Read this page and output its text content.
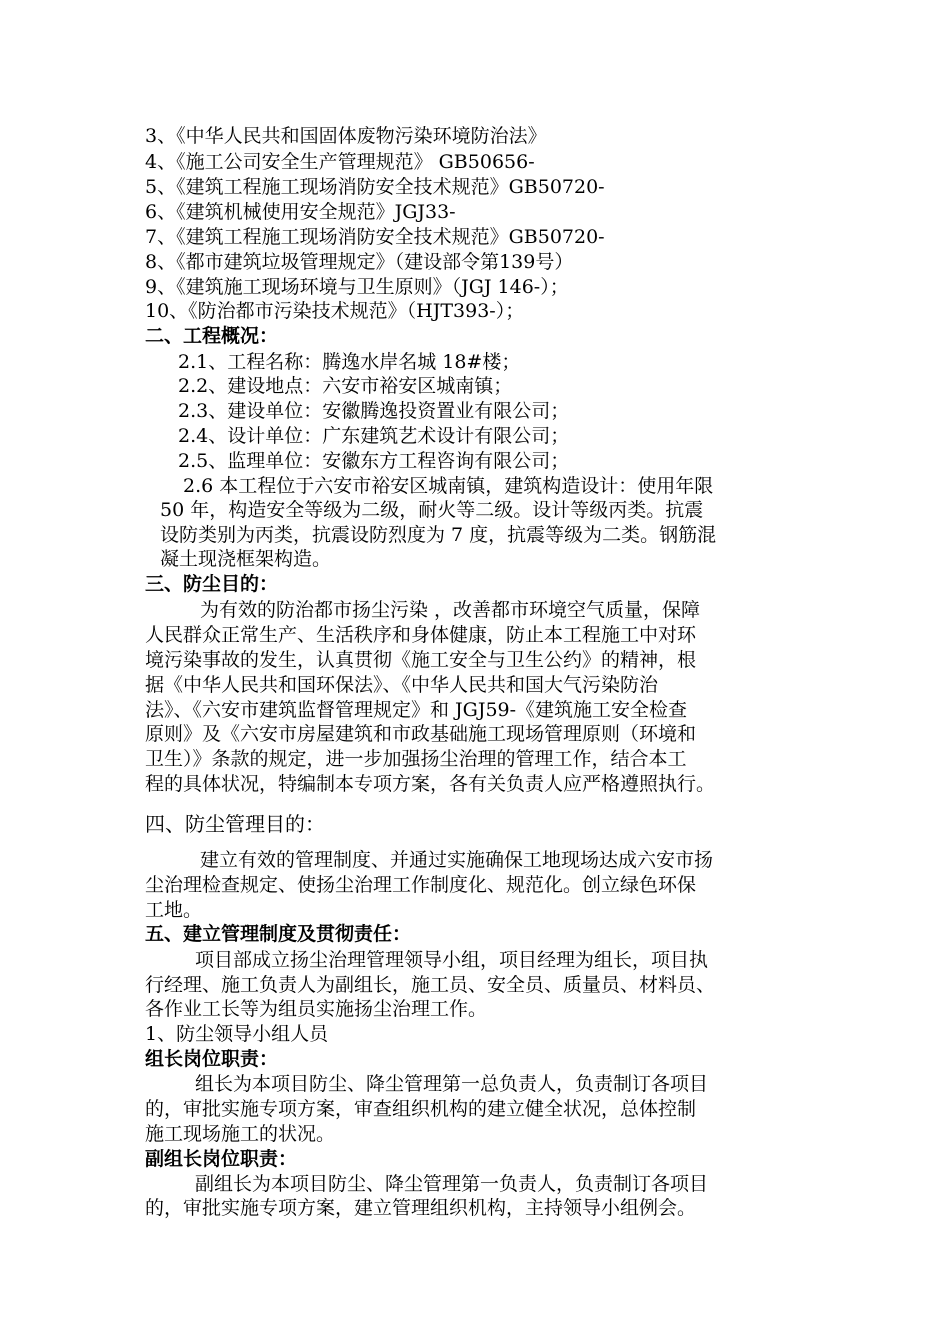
3、《中华人民共和国固体废物污染环境防治法》
4、《施工公司安全生产管理规范》 GB50656-
5、《建筑工程施工现场消防安全技术规范》GB50720-
6、《建筑机械使用安全规范》JGJ33-
7、《建筑工程施工现场消防安全技术规范》GB50720-
8、《都市建筑垃圾管理规定》（建设部令第139号）
9、《建筑施工现场环境与卫生原则》（JGJ 146-）；
10、《防治都市污染技术规范》（HJT393-）；
二、工程概况：
2.1、工程名称：腾逸水岸名城 18#楼；
2.2、建设地点：六安市裕安区城南镇；
2.3、建设单位：安徽腾逸投资置业有限公司；
2.4、设计单位：广东建筑艺术设计有限公司；
2.5、监理单位：安徽东方工程咨询有限公司；
2.6 本工程位于六安市裕安区城南镇，建筑构造设计：使用年限
50 年，构造安全等级为二级，耐火等二级。设计等级丙类。抗震
设防类别为丙类，抗震设防烈度为 7 度，抗震等级为二类。钢筋混
凝土现浇框架构造。
三、防尘目的：
为有效的防治都市扬尘污染 ，改善都市环境空气质量，保障
人民群众正常生产、生活秩序和身体健康，防止本工程施工中对环
境污染事故的发生，认真贯彻《施工安全与卫生公约》的精神，根
据《中华人民共和国环保法》、《中华人民共和国大气污染防治
法》、《六安市建筑监督管理规定》和 JGJ59-《建筑施工安全检查
原则》及《六安市房屋建筑和市政基础施工现场管理原则（环境和
卫生）》条款的规定，进一步加强扬尘治理的管理工作，结合本工
程的具体状况，特编制本专项方案，各有关负责人应严格遵照执行。
四、防尘管理目的：
建立有效的管理制度、并通过实施确保工地现场达成六安市扬
尘治理检查规定、使扬尘治理工作制度化、规范化。创立绿色环保
工地。
五、建立管理制度及贯彻责任：
项目部成立扬尘治理管理领导小组，项目经理为组长，项目执
行经理、施工负责人为副组长，施工员、安全员、质量员、材料员、
各作业工长等为组员实施扬尘治理工作。
1、防尘领导小组人员
组长岗位职责：
组长为本项目防尘、降尘管理第一总负责人，负责制订各项目
的，审批实施专项方案，审查组织机构的建立健全状况，总体控制
施工现场施工的状况。
副组长岗位职责：
副组长为本项目防尘、降尘管理第一负责人，负责制订各项目
的，审批实施专项方案，建立管理组织机构，主持领导小组例会。
